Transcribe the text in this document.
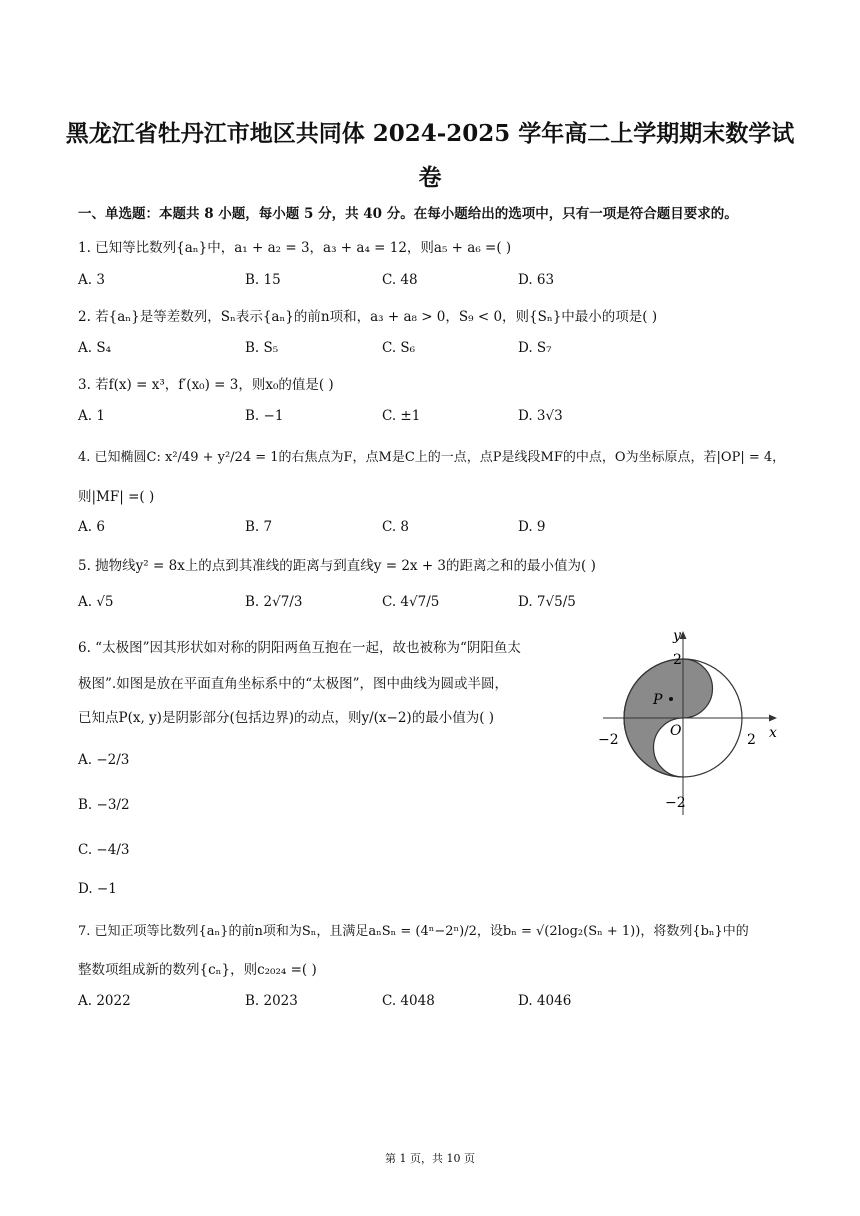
黑龙江省牡丹江市地区共同体 2024-2025 学年高二上学期期末数学试
卷
一、单选题：本题共 8 小题，每小题 5 分，共 40 分。在每小题给出的选项中，只有一项是符合题目要求的。
1. 已知等比数列{aₙ}中，a₁ + a₂ = 3，a₃ + a₄ = 12，则a₅ + a₆ =( )
A. 3	B. 15	C. 48	D. 63
2. 若{aₙ}是等差数列，Sₙ表示{aₙ}的前n项和，a₃ + a₈ > 0，S₉ < 0，则{Sₙ}中最小的项是( )
A. S₄	B. S₅	C. S₆	D. S₇
3. 若f(x) = x³，f′(x₀) = 3，则x₀的值是( )
A. 1	B. −1	C. ±1	D. 3√3
4. 已知椭圆C: x²/49 + y²/24 = 1的右焦点为F，点M是C上的一点，点P是线段MF的中点，O为坐标原点，若|OP| = 4，
则|MF| =( )
A. 6	B. 7	C. 8	D. 9
5. 抛物线y² = 8x上的点到其准线的距离与到直线y = 2x + 3的距离之和的最小值为( )
A. √5	B. 2√7/3	C. 4√7/5	D. 7√5/5
6. “太极图”因其形状如对称的阴阳两鱼互抱在一起，故也被称为“阴阳鱼太
极图”.如图是放在平面直角坐标系中的“太极图”，图中曲线为圆或半圆，
已知点P(x, y)是阴影部分(包括边界)的动点，则y/(x−2)的最小值为( )
A. −2/3
B. −3/2
C. −4/3
D. −1
P
y
x
O
2
−2
−2	2
7. 已知正项等比数列{aₙ}的前n项和为Sₙ，且满足aₙSₙ = (4ⁿ−2ⁿ)/2，设bₙ = √(2log₂(Sₙ + 1))，将数列{bₙ}中的
整数项组成新的数列{cₙ}，则c₂₀₂₄ =( )
A. 2022	B. 2023	C. 4048	D. 4046
第 1 页，共 10 页
